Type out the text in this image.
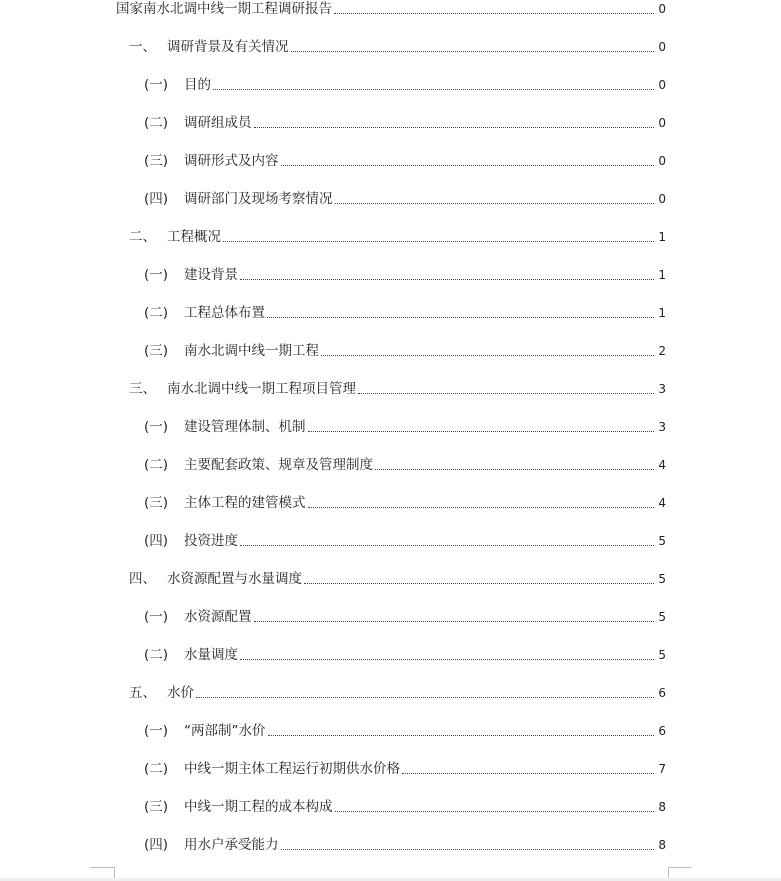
国家南水北调中线一期工程调研报告	0
一、 调研背景及有关情况	0
(一)	目的	0
(二)	调研组成员	0
(三)	调研形式及内容	0
(四)	调研部门及现场考察情况	0
二、 工程概况	1
(一)	建设背景	1
(二)	工程总体布置	1
(三)	南水北调中线一期工程	2
三、 南水北调中线一期工程项目管理	3
(一)	建设管理体制、机制	3
(二)	主要配套政策、规章及管理制度	4
(三)	主体工程的建管模式	4
(四)	投资进度	5
四、 水资源配置与水量调度	5
(一)	水资源配置	5
(二)	水量调度	5
五、 水价	6
(一)	“两部制”水价	6
(二)	中线一期主体工程运行初期供水价格	7
(三)	中线一期工程的成本构成	8
(四)	用水户承受能力	8
